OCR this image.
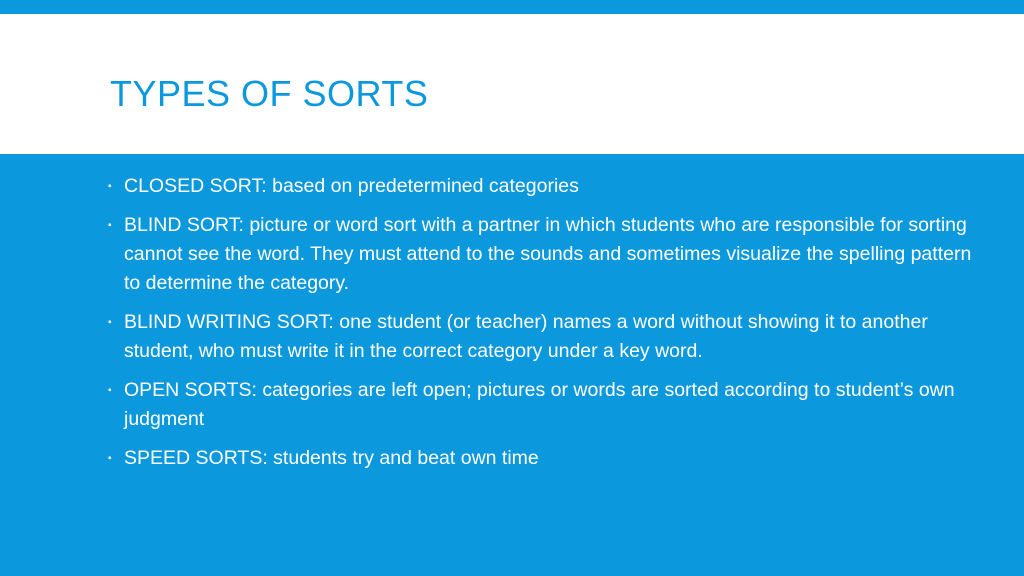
TYPES OF SORTS
▪ CLOSED SORT: based on predetermined categories
▪ BLIND SORT: picture or word sort with a partner in which students who are responsible for sorting cannot see the word. They must attend to the sounds and sometimes visualize the spelling pattern to determine the category.
▪ BLIND WRITING SORT: one student (or teacher) names a word without showing it to another student, who must write it in the correct category under a key word.
▪ OPEN SORTS: categories are left open; pictures or words are sorted according to student’s own judgment
▪ SPEED SORTS: students try and beat own time
